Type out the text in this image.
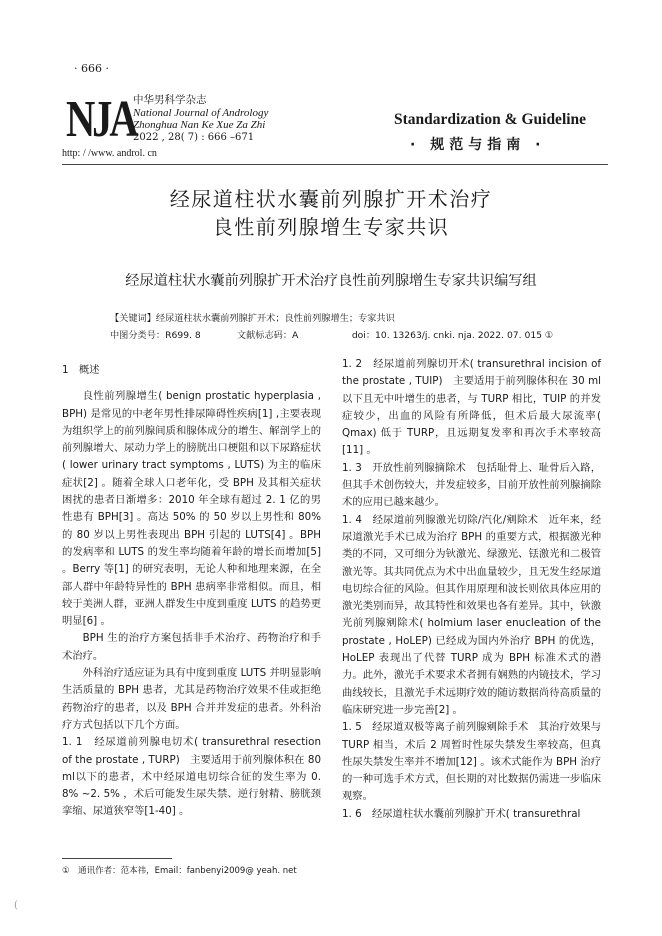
· 666 ·
NJA
中华男科学杂志
National Journal of Andrology
Zhonghua Nan Ke Xue Za Zhi
2022 , 28( 7) : 666 –671
http: / /www. androl. cn
Standardization & Guideline
· 规范与指南 ·
经尿道柱状水囊前列腺扩开术治疗
良性前列腺增生专家共识
经尿道柱状水囊前列腺扩开术治疗良性前列腺增生专家共识编写组
【关键词】经尿道柱状水囊前列腺扩开术；良性前列腺增生；专家共识
中图分类号：R699. 8	文献标志码：A	doi：10. 13263/j. cnki. nja. 2022. 07. 015 ①
1　概述

良性前列腺增生( benign prostatic hyperplasia , BPH) 是常见的中老年男性排尿障碍性疾病[1] ,主要表现为组织学上的前列腺间质和腺体成分的增生、解剖学上的前列腺增大、尿动力学上的膀胱出口梗阻和以下尿路症状( lower urinary tract symptoms , LUTS) 为主的临床症状[2] 。随着全球人口老年化，受 BPH 及其相关症状困扰的患者日渐增多：2010 年全球有超过 2. 1 亿的男性患有 BPH[3] 。高达 50% 的 50 岁以上男性和 80% 的 80 岁以上男性表现出 BPH 引起的 LUTS[4] 。BPH 的发病率和 LUTS 的发生率均随着年龄的增长而增加[5] 。Berry 等[1] 的研究表明，无论人种和地理来源，在全部人群中年龄特异性的 BPH 患病率非常相似。而且，相较于美洲人群，亚洲人群发生中度到重度 LUTS 的趋势更明显[6] 。

BPH 生的治疗方案包括非手术治疗、药物治疗和手术治疗。

外科治疗适应证为具有中度到重度 LUTS 并明显影响生活质量的 BPH 患者，尤其是药物治疗效果不佳或拒绝药物治疗的患者，以及 BPH 合并并发症的患者。外科治疗方式包括以下几个方面。

1. 1　经尿道前列腺电切术( transurethral resection of the prostate , TURP)　主要适用于前列腺体积在 80 ml以下的患者，术中经尿道电切综合征的发生率为 0. 8% ~2. 5% ，术后可能发生尿失禁、逆行射精、膀胱颈挛缩、尿道狭窄等[1-40] 。

1. 2　经尿道前列腺切开术( transurethral incision of the prostate , TUIP)　主要适用于前列腺体积在 30 ml 以下且无中叶增生的患者，与 TURP 相比，TUIP 的并发症较少，出血的风险有所降低，但术后最大尿流率( Qmax) 低于 TURP，且远期复发率和再次手术率较高[11] 。

1. 3　开放性前列腺摘除术　包括耻骨上、耻骨后入路，但其手术创伤较大，并发症较多，目前开放性前列腺摘除术的应用已越来越少。

1. 4　经尿道前列腺激光切除/汽化/剜除术　近年来，经尿道激光手术已成为治疗 BPH 的重要方式，根据激光种类的不同，又可细分为钬激光、绿激光、铥激光和二极管激光等。其共同优点为术中出血量较少，且无发生经尿道电切综合征的风险。但其作用原理和波长则依具体应用的激光类别而异，故其特性和效果也各有差异。其中，钬激光前列腺剜除术( holmium laser enucleation of the prostate , HoLEP) 已经成为国内外治疗 BPH 的优选，HoLEP 表现出了代替 TURP 成为 BPH 标准术式的潜力。此外，激光手术要求术者拥有娴熟的内镜技术，学习曲线较长，且激光手术远期疗效的随访数据尚待高质量的临床研究进一步完善[2] 。

1. 5　经尿道双极等离子前列腺剜除手术　其治疗效果与 TURP 相当，术后 2 周暂时性尿失禁发生率较高，但真性尿失禁发生率并不增加[12] 。该术式能作为 BPH 治疗的一种可选手术方式，但长期的对比数据仍需进一步临床观察。

1. 6　经尿道柱状水囊前列腺扩开术( transurethral

①　通讯作者：范本祎，Email：fanbenyi2009@ yeah. net
(
